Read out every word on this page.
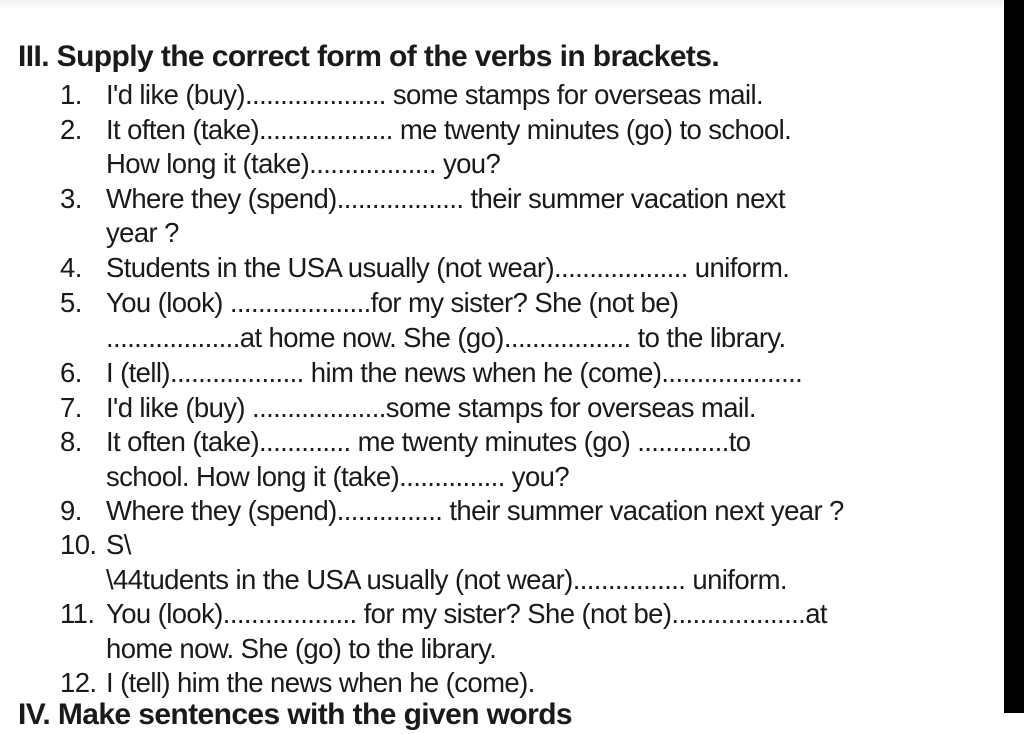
III. Supply the correct form of the verbs in brackets.
1. I'd like (buy).................... some stamps for overseas mail.
2. It often (take)................... me twenty minutes (go) to school.
How long it (take).................. you?
3. Where they (spend).................. their summer vacation next
year ?
4. Students in the USA usually (not wear)................... uniform.
5. You (look) ....................for my sister? She (not be)
...................at home now. She (go).................. to the library.
6. I (tell)................... him the news when he (come)....................
7. I'd like (buy) ...................some stamps for overseas mail.
8. It often (take)............. me twenty minutes (go) .............to
school. How long it (take)............... you?
9. Where they (spend)............... their summer vacation next year ?
10. S\
\44tudents in the USA usually (not wear)................ uniform.
11. You (look)................... for my sister? She (not be)...................at
home now. She (go) to the library.
12. I (tell) him the news when he (come).
IV. Make sentences with the given words
